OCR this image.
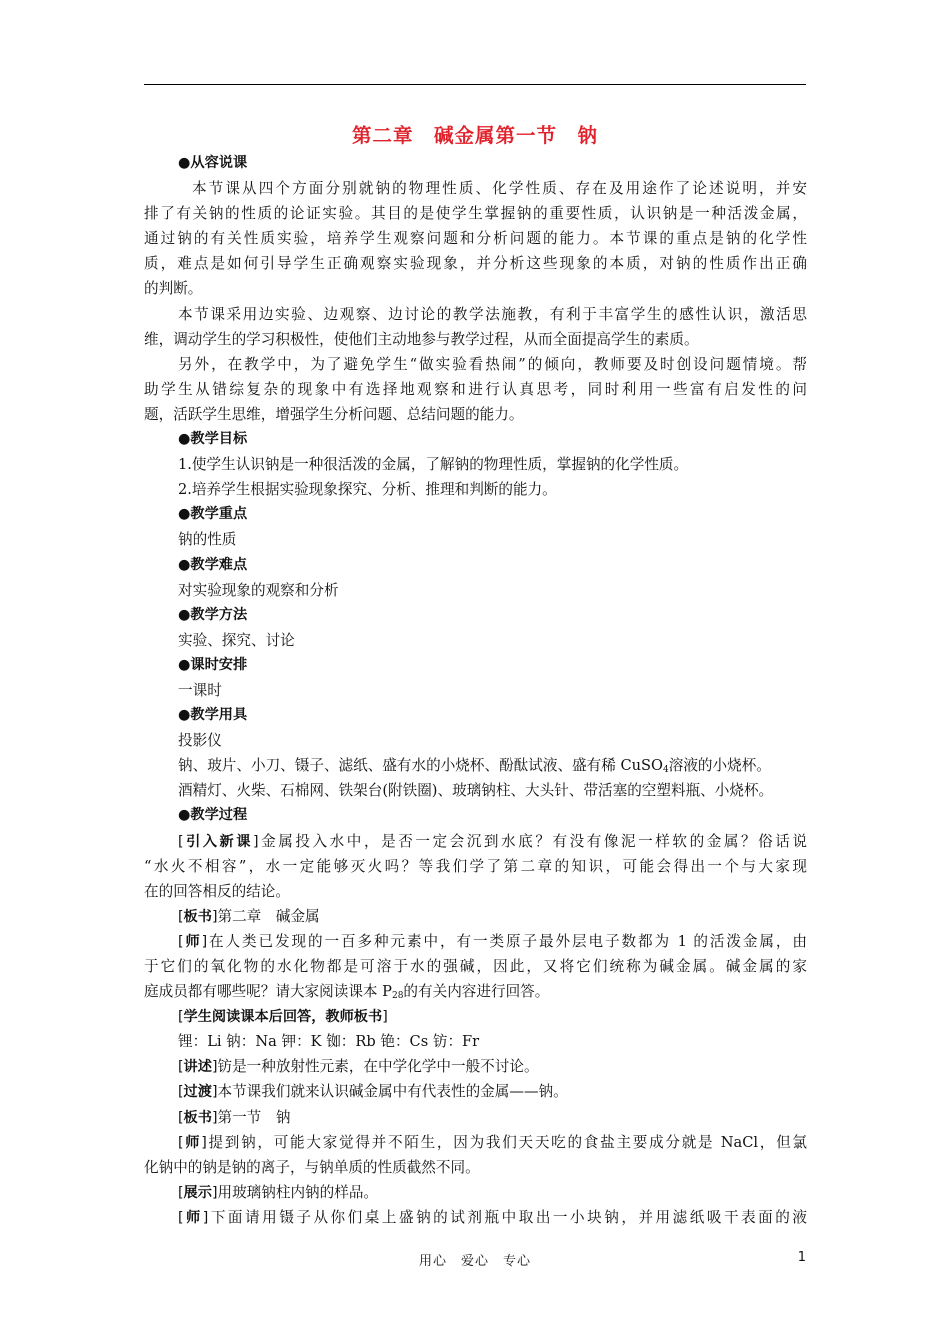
第二章　碱金属第一节　钠
●从容说课
本节课从四个方面分别就钠的物理性质、化学性质、存在及用途作了论述说明，并安
排了有关钠的性质的论证实验。其目的是使学生掌握钠的重要性质，认识钠是一种活泼金属，
通过钠的有关性质实验，培养学生观察问题和分析问题的能力。本节课的重点是钠的化学性
质，难点是如何引导学生正确观察实验现象，并分析这些现象的本质，对钠的性质作出正确
的判断。
本节课采用边实验、边观察、边讨论的教学法施教，有利于丰富学生的感性认识，激活思
维，调动学生的学习积极性，使他们主动地参与教学过程，从而全面提高学生的素质。
另外，在教学中，为了避免学生“做实验看热闹”的倾向，教师要及时创设问题情境。帮
助学生从错综复杂的现象中有选择地观察和进行认真思考，同时利用一些富有启发性的问
题，活跃学生思维，增强学生分析问题、总结问题的能力。
●教学目标
1.使学生认识钠是一种很活泼的金属，了解钠的物理性质，掌握钠的化学性质。
2.培养学生根据实验现象探究、分析、推理和判断的能力。
●教学重点
钠的性质
●教学难点
对实验现象的观察和分析
●教学方法
实验、探究、讨论
●课时安排
一课时
●教学用具
投影仪
钠、玻片、小刀、镊子、滤纸、盛有水的小烧杯、酚酞试液、盛有稀 CuSO$_4$溶液的小烧杯。
酒精灯、火柴、石棉网、铁架台(附铁圈)、玻璃钠柱、大头针、带活塞的空塑料瓶、小烧杯。
●教学过程
[ 引入新课 ] 金属投入水中，是否一定会沉到水底？有没有像泥一样软的金属？俗话说
“水火不相容”，水一定能够灭火吗？等我们学了第二章的知识，可能会得出一个与大家现
在的回答相反的结论。
[ 板书 ] 第二章　碱金属
[ 师 ] 在人类已发现的一百多种元素中，有一类原子最外层电子数都为 1 的活泼金属，由
于它们的氧化物的水化物都是可溶于水的强碱，因此，又将它们统称为碱金属。碱金属的家
庭成员都有哪些呢？请大家阅读课本 $P_{28}$的有关内容进行回答。
[ 学生阅读课本后回答，教师板书 ]
锂：Li 钠：Na 钾：K 铷：Rb 铯：Cs 钫：Fr
[ 讲述 ] 钫是一种放射性元素，在中学化学中一般不讨论。
[ 过渡 ] 本节课我们就来认识碱金属中有代表性的金属——钠。
[ 板书 ] 第一节　钠
[ 师 ] 提到钠，可能大家觉得并不陌生，因为我们天天吃的食盐主要成分就是 NaCl，但氯
化钠中的钠是钠的离子，与钠单质的性质截然不同。
[ 展示 ] 用玻璃钠柱内钠的样品。
[ 师 ] 下面请用镊子从你们桌上盛钠的试剂瓶中取出一小块钠，并用滤纸吸干表面的液
用心　爱心　专心	1
